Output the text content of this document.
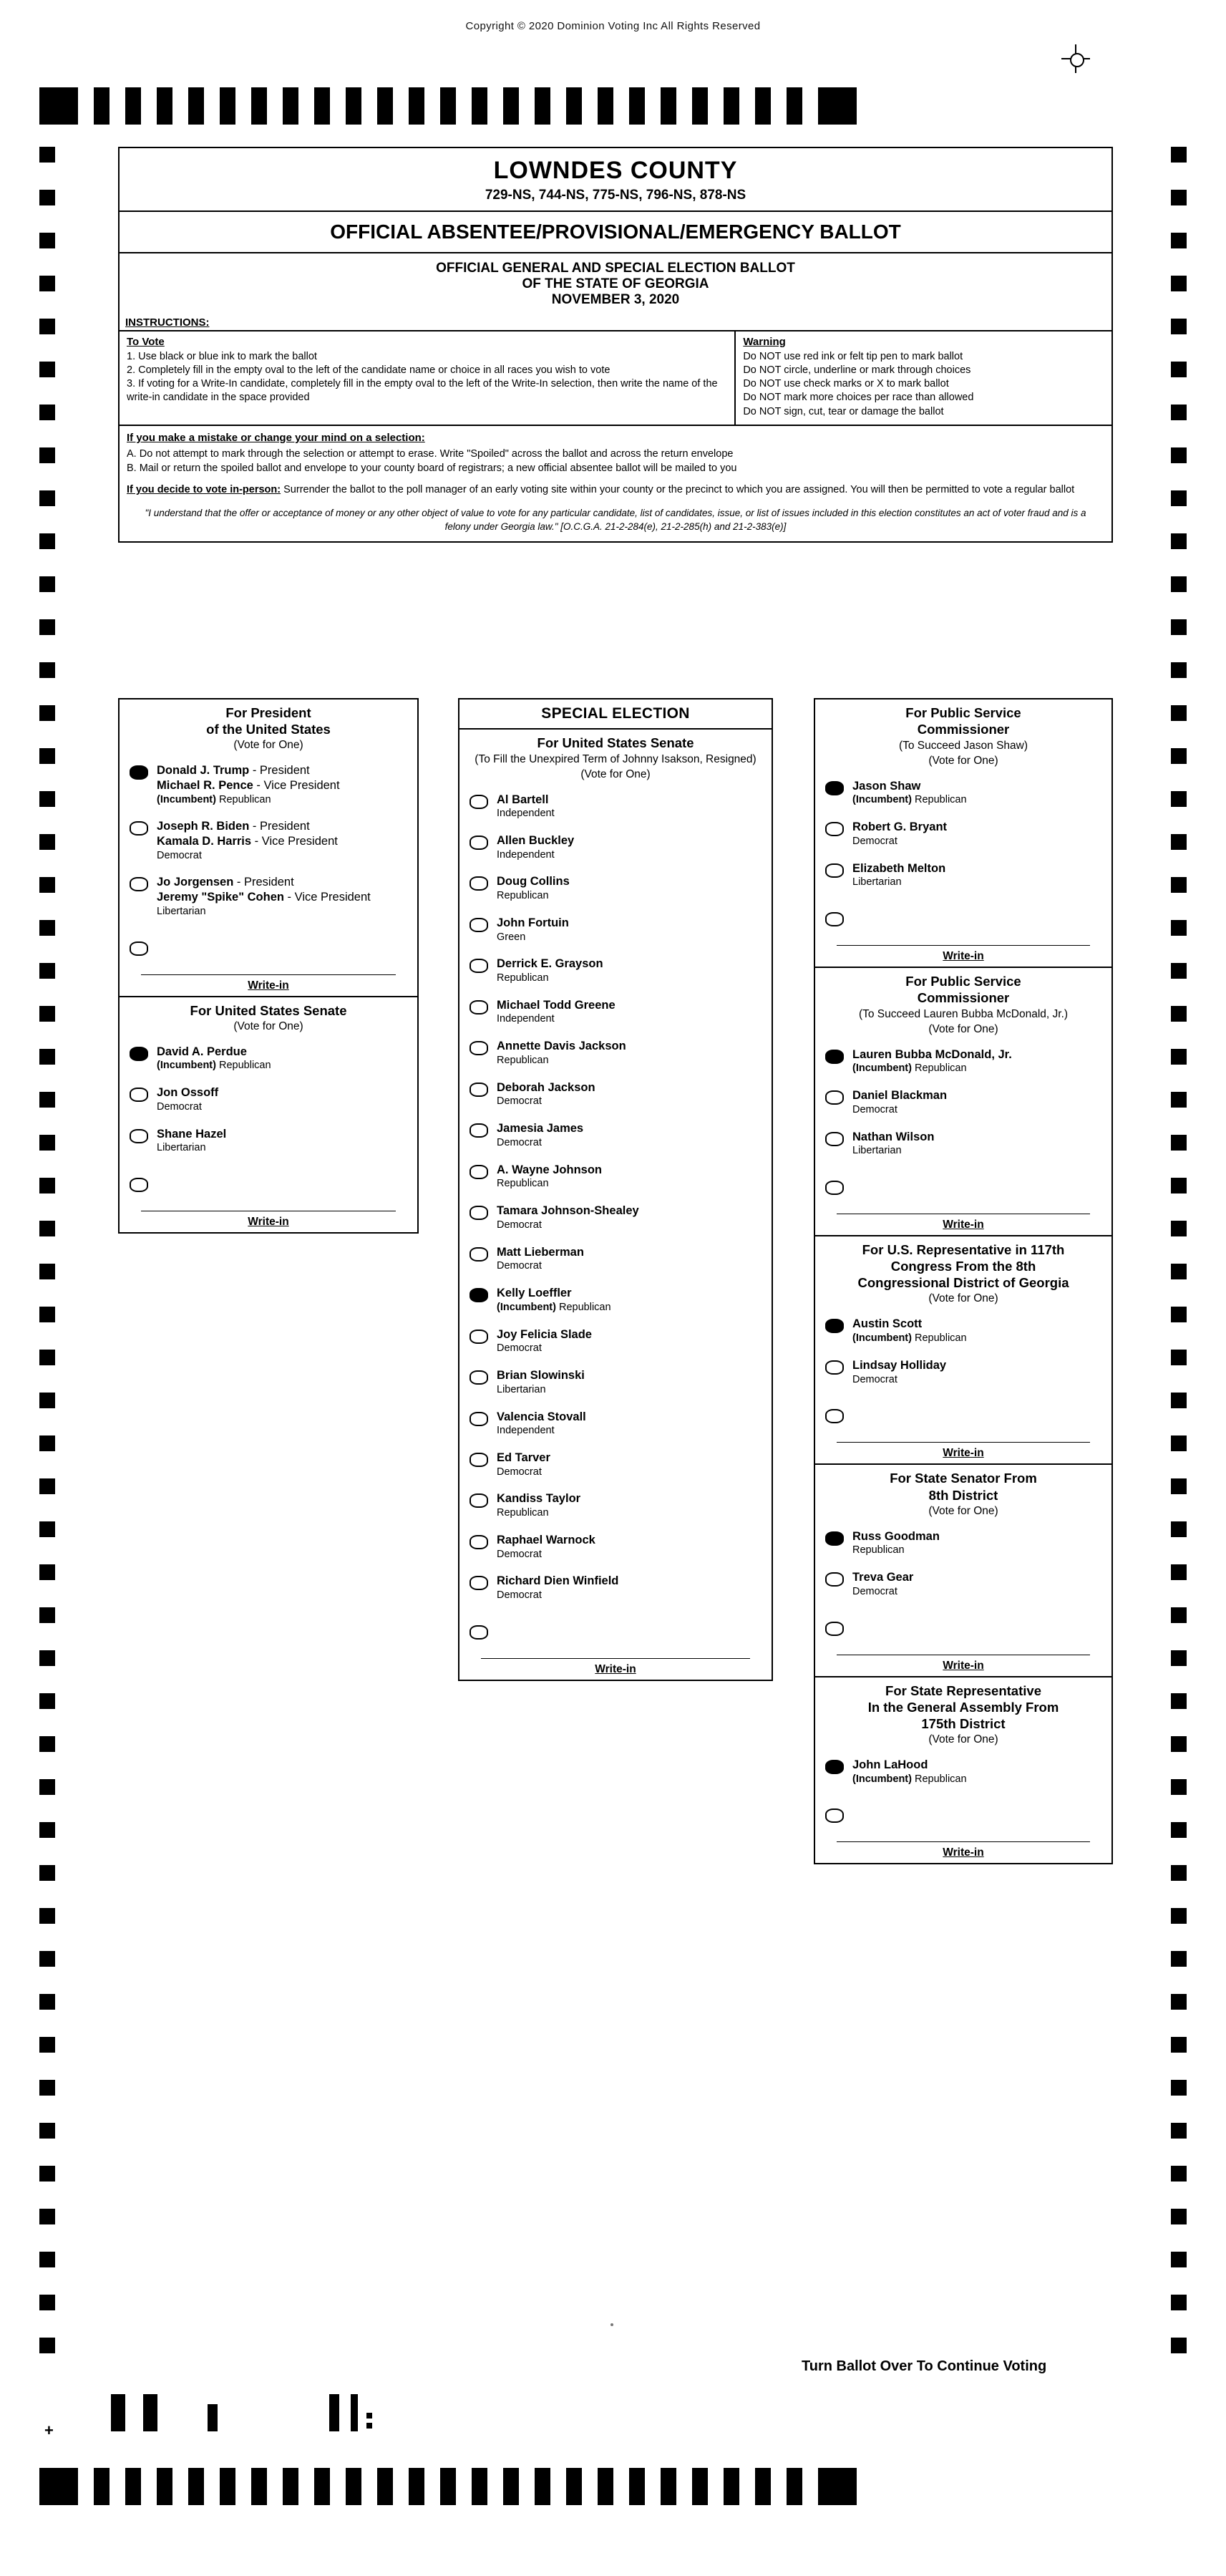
Copyright © 2020 Dominion Voting Inc All Rights Reserved
LOWNDES COUNTY
729-NS, 744-NS, 775-NS, 796-NS, 878-NS
OFFICIAL ABSENTEE/PROVISIONAL/EMERGENCY BALLOT
OFFICIAL GENERAL AND SPECIAL ELECTION BALLOT
OF THE STATE OF GEORGIA
NOVEMBER 3, 2020
INSTRUCTIONS:
To Vote
1. Use black or blue ink to mark the ballot
2. Completely fill in the empty oval to the left of the candidate name or choice in all races you wish to vote
3. If voting for a Write-In candidate, completely fill in the empty oval to the left of the Write-In selection, then write the name of the write-in candidate in the space provided
Warning
Do NOT use red ink or felt tip pen to mark ballot
Do NOT circle, underline or mark through choices
Do NOT use check marks or X to mark ballot
Do NOT mark more choices per race than allowed
Do NOT sign, cut, tear or damage the ballot
If you make a mistake or change your mind on a selection:
A. Do not attempt to mark through the selection or attempt to erase. Write "Spoiled" across the ballot and across the return envelope
B. Mail or return the spoiled ballot and envelope to your county board of registrars; a new official absentee ballot will be mailed to you
If you decide to vote in-person: Surrender the ballot to the poll manager of an early voting site within your county or the precinct to which you are assigned. You will then be permitted to vote a regular ballot
"I understand that the offer or acceptance of money or any other object of value to vote for any particular candidate, list of candidates, issue, or list of issues included in this election constitutes an act of voter fraud and is a felony under Georgia law." [O.C.G.A. 21-2-284(e), 21-2-285(h) and 21-2-383(e)]
For President
of the United States
(Vote for One)
Donald J. Trump - President
Michael R. Pence - Vice President
(Incumbent) Republican
Joseph R. Biden - President
Kamala D. Harris - Vice President
Democrat
Jo Jorgensen - President
Jeremy "Spike" Cohen - Vice President
Libertarian
Write-in
For United States Senate
(Vote for One)
David A. Perdue
(Incumbent) Republican
Jon Ossoff
Democrat
Shane Hazel
Libertarian
Write-in
SPECIAL ELECTION
For United States Senate
(To Fill the Unexpired Term of Johnny Isakson, Resigned)
(Vote for One)
Al Bartell
Independent
Allen Buckley
Independent
Doug Collins
Republican
John Fortuin
Green
Derrick E. Grayson
Republican
Michael Todd Greene
Independent
Annette Davis Jackson
Republican
Deborah Jackson
Democrat
Jamesia James
Democrat
A. Wayne Johnson
Republican
Tamara Johnson-Shealey
Democrat
Matt Lieberman
Democrat
Kelly Loeffler
(Incumbent) Republican
Joy Felicia Slade
Democrat
Brian Slowinski
Libertarian
Valencia Stovall
Independent
Ed Tarver
Democrat
Kandiss Taylor
Republican
Raphael Warnock
Democrat
Richard Dien Winfield
Democrat
Write-in
For Public Service
Commissioner
(To Succeed Jason Shaw)
(Vote for One)
Jason Shaw
(Incumbent) Republican
Robert G. Bryant
Democrat
Elizabeth Melton
Libertarian
Write-in
For Public Service
Commissioner
(To Succeed Lauren Bubba McDonald, Jr.)
(Vote for One)
Lauren Bubba McDonald, Jr.
(Incumbent) Republican
Daniel Blackman
Democrat
Nathan Wilson
Libertarian
Write-in
For U.S. Representative in 117th
Congress From the 8th
Congressional District of Georgia
(Vote for One)
Austin Scott
(Incumbent) Republican
Lindsay Holliday
Democrat
Write-in
For State Senator From
8th District
(Vote for One)
Russ Goodman
Republican
Treva Gear
Democrat
Write-in
For State Representative
In the General Assembly From
175th District
(Vote for One)
John LaHood
(Incumbent) Republican
Write-in
Turn Ballot Over To Continue Voting
+
